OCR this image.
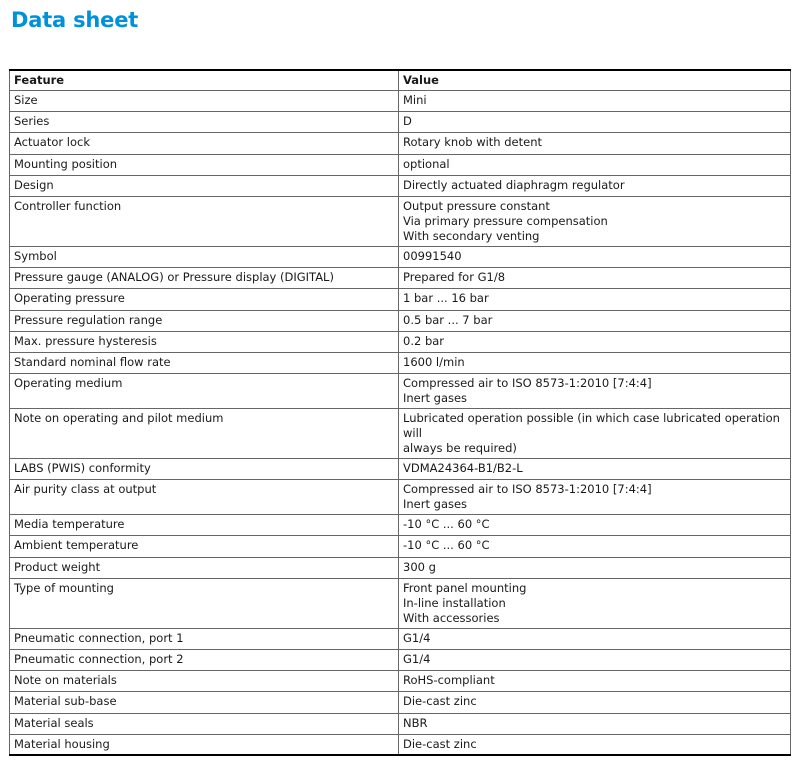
Data sheet
Feature	Value
Size	Mini

Series	D

Actuator lock	Rotary knob with detent

Mounting position	optional

Design	Directly actuated diaphragm regulator

Controller function	Output pressure constant
Via primary pressure compensation
With secondary venting

Symbol	00991540

Pressure gauge (ANALOG) or Pressure display (DIGITAL)	Prepared for G1/8

Operating pressure	1 bar ... 16 bar

Pressure regulation range	0.5 bar ... 7 bar

Max. pressure hysteresis	0.2 bar

Standard nominal flow rate	1600 l/min

Operating medium	Compressed air to ISO 8573-1:2010 [7:4:4]
Inert gases

Note on operating and pilot medium	Lubricated operation possible (in which case lubricated operation will
always be required)

LABS (PWIS) conformity	VDMA24364-B1/B2-L

Air purity class at output	Compressed air to ISO 8573-1:2010 [7:4:4]
Inert gases

Media temperature	-10 °C ... 60 °C

Ambient temperature	-10 °C ... 60 °C

Product weight	300 g

Type of mounting	Front panel mounting
In-line installation
With accessories

Pneumatic connection, port 1	G1/4

Pneumatic connection, port 2	G1/4

Note on materials	RoHS-compliant

Material sub-base	Die-cast zinc

Material seals	NBR

Material housing	Die-cast zinc
